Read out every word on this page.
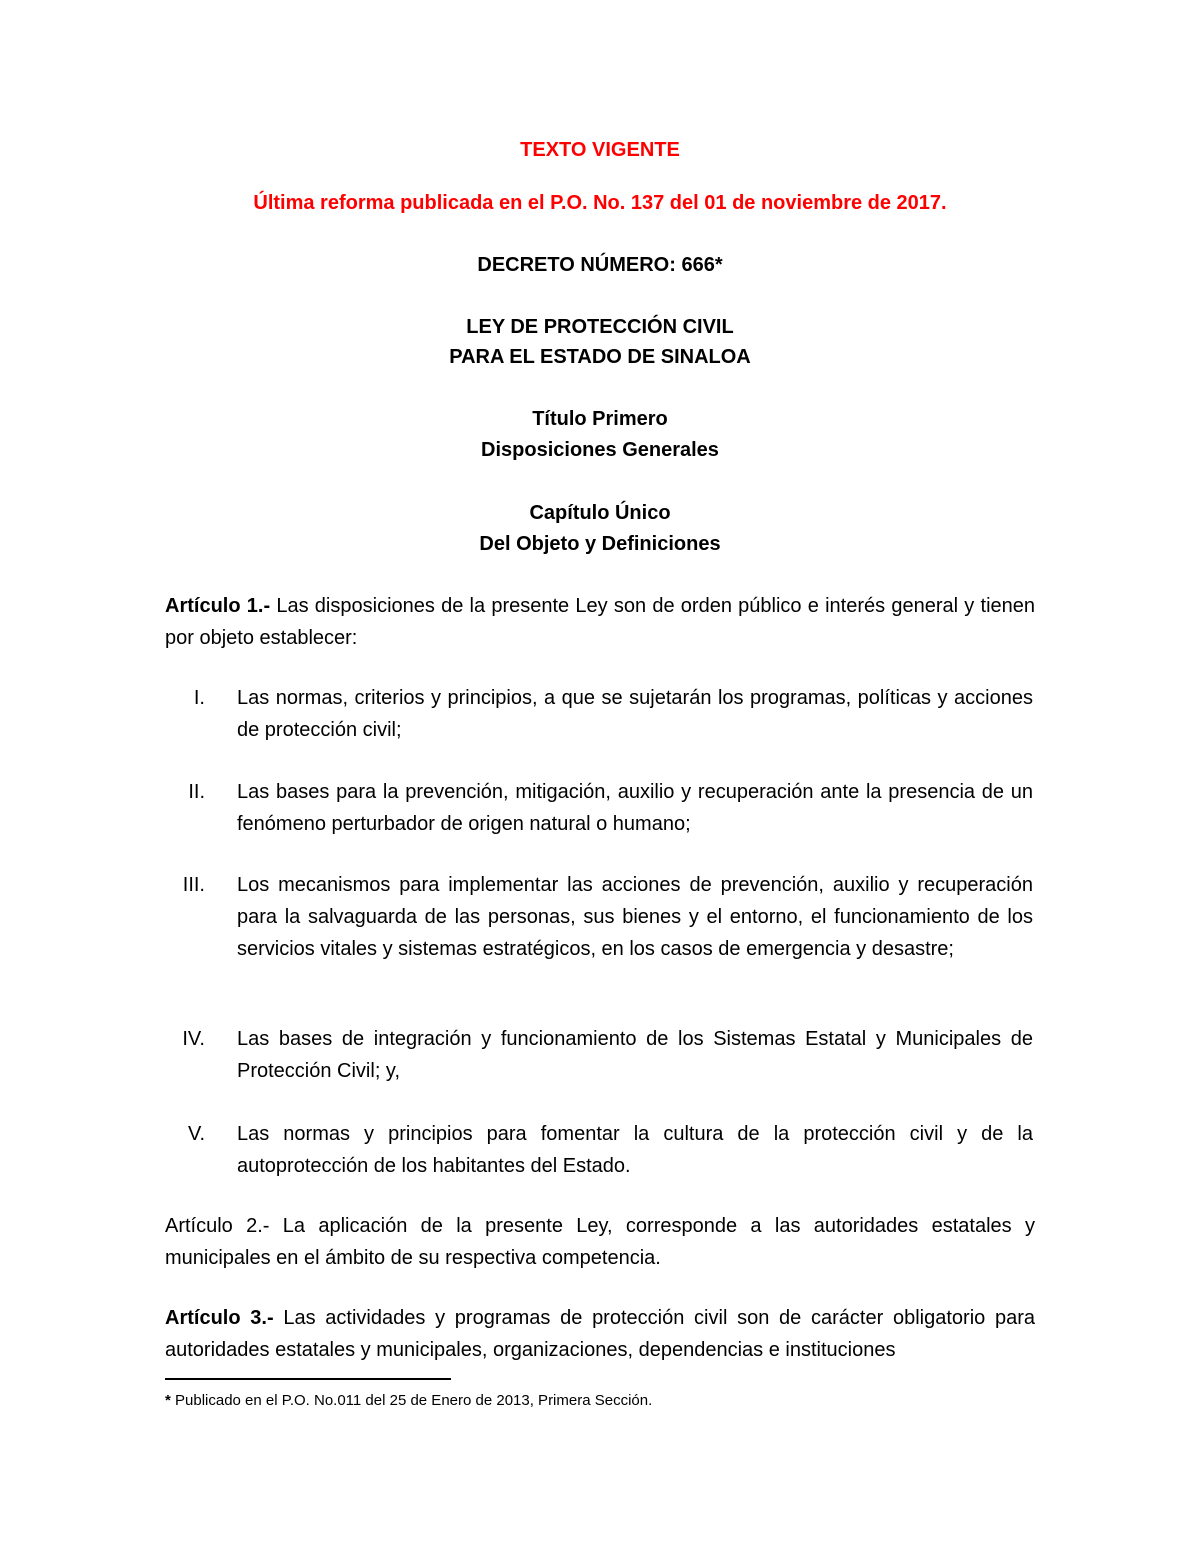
TEXTO VIGENTE

Última reforma publicada en el P.O. No. 137 del 01 de noviembre de 2017.

DECRETO NÚMERO: 666*

LEY DE PROTECCIÓN CIVIL

PARA EL ESTADO DE SINALOA

Título Primero

Disposiciones Generales

Capítulo Único

Del Objeto y Definiciones

Artículo 1.- Las disposiciones de la presente Ley son de orden público e interés general y tienen por objeto establecer:

I. Las normas, criterios y principios, a que se sujetarán los programas, políticas y acciones de protección civil;
II. Las bases para la prevención, mitigación, auxilio y recuperación ante la presencia de un fenómeno perturbador de origen natural o humano;
III. Los mecanismos para implementar las acciones de prevención, auxilio y recuperación para la salvaguarda de las personas, sus bienes y el entorno, el funcionamiento de los servicios vitales y sistemas estratégicos, en los casos de emergencia y desastre;
IV. Las bases de integración y funcionamiento de los Sistemas Estatal y Municipales de Protección Civil; y,
V. Las normas y principios para fomentar la cultura de la protección civil y de la autoprotección de los habitantes del Estado.

Artículo 2.- La aplicación de la presente Ley, corresponde a las autoridades estatales y municipales en el ámbito de su respectiva competencia.

Artículo 3.- Las actividades y programas de protección civil son de carácter obligatorio para autoridades estatales y municipales, organizaciones, dependencias e instituciones

* Publicado en el P.O. No.011 del 25 de Enero de 2013, Primera Sección.
